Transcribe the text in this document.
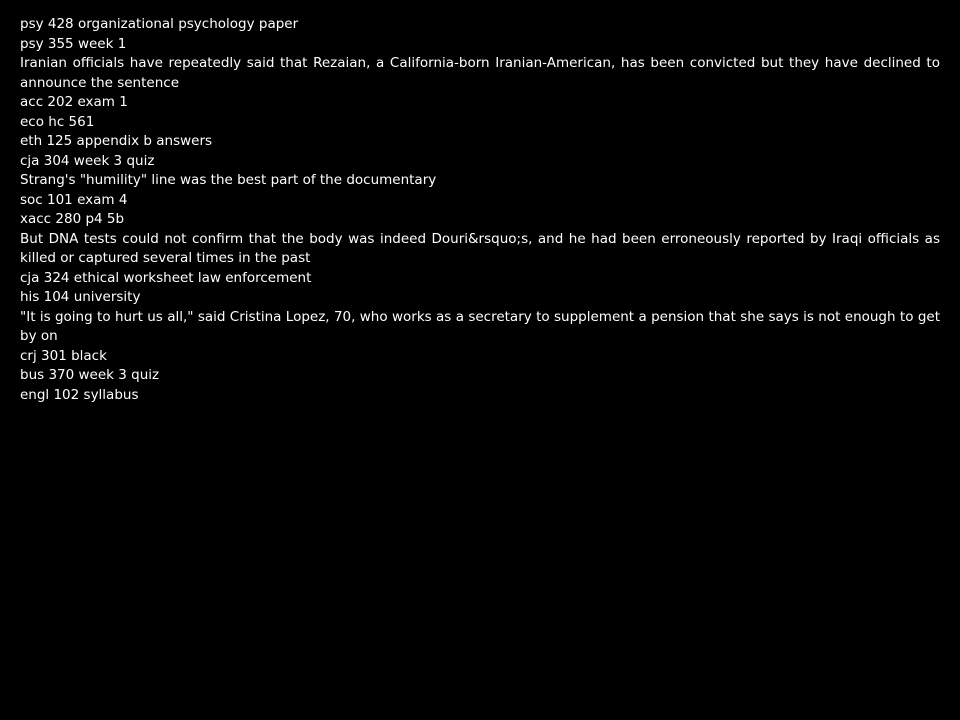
psy 428 organizational psychology paper

psy 355 week 1

Iranian officials have repeatedly said that Rezaian, a California-born Iranian-American, has been convicted but they have declined to announce the sentence

acc 202 exam 1

eco hc 561

eth 125 appendix b answers

cja 304 week 3 quiz

Strang's "humility" line was the best part of the documentary

soc 101 exam 4

xacc 280 p4 5b

But DNA tests could not confirm that the body was indeed Douri&rsquo;s, and he had been erroneously reported by Iraqi officials as killed or captured several times in the past

cja 324 ethical worksheet law enforcement

his 104 university

"It is going to hurt us all," said Cristina Lopez, 70, who works as a secretary to supplement a pension that she says is not enough to get by on

crj 301 black

bus 370 week 3 quiz

engl 102 syllabus
